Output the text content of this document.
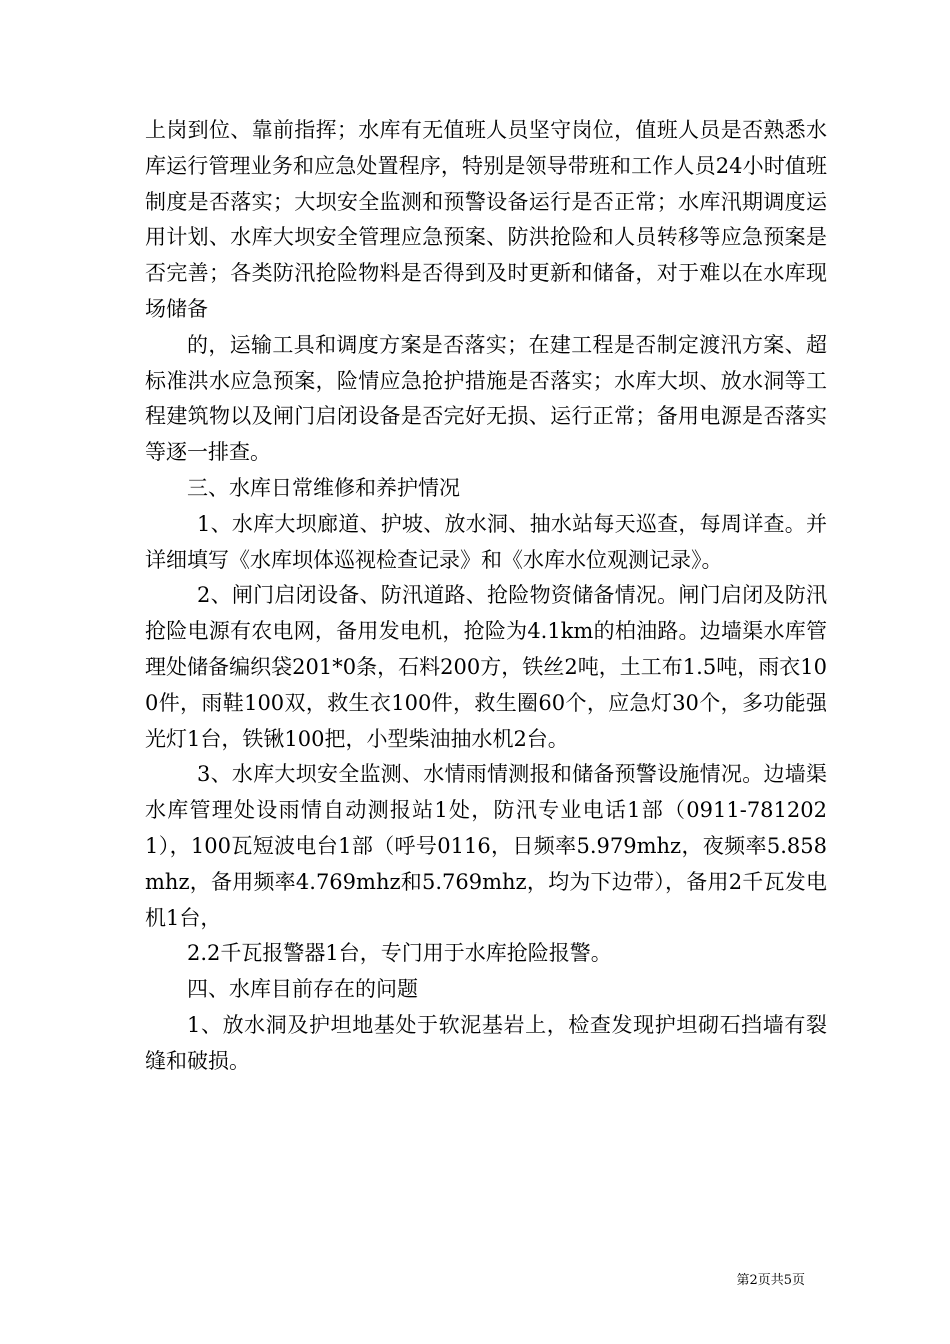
上岗到位、靠前指挥；水库有无值班人员坚守岗位，值班人员是否熟悉水库运行管理业务和应急处置程序，特别是领导带班和工作人员24小时值班制度是否落实；大坝安全监测和预警设备运行是否正常；水库汛期调度运用计划、水库大坝安全管理应急预案、防洪抢险和人员转移等应急预案是否完善；各类防汛抢险物料是否得到及时更新和储备，对于难以在水库现场储备

的，运输工具和调度方案是否落实；在建工程是否制定渡汛方案、超标准洪水应急预案，险情应急抢护措施是否落实；水库大坝、放水洞等工程建筑物以及闸门启闭设备是否完好无损、运行正常；备用电源是否落实等逐一排查。

三、水库日常维修和养护情况

1、水库大坝廊道、护坡、放水洞、抽水站每天巡查，每周详查。并详细填写《水库坝体巡视检查记录》和《水库水位观测记录》。

2、闸门启闭设备、防汛道路、抢险物资储备情况。闸门启闭及防汛抢险电源有农电网，备用发电机，抢险为4.1km的柏油路。边墙渠水库管理处储备编织袋201*0条，石料200方，铁丝2吨，土工布1.5吨，雨衣100件，雨鞋100双，救生衣100件，救生圈60个，应急灯30个，多功能强光灯1台，铁锹100把，小型柴油抽水机2台。

3、水库大坝安全监测、水情雨情测报和储备预警设施情况。边墙渠水库管理处设雨情自动测报站1处，防汛专业电话1部（0911-7812021），100瓦短波电台1部（呼号0116，日频率5.979mhz，夜频率5.858mhz，备用频率4.769mhz和5.769mhz，均为下边带），备用2千瓦发电机1台，

2.2千瓦报警器1台，专门用于水库抢险报警。

四、水库目前存在的问题

1、放水洞及护坦地基处于软泥基岩上，检查发现护坦砌石挡墙有裂缝和破损。

第2页共5页
